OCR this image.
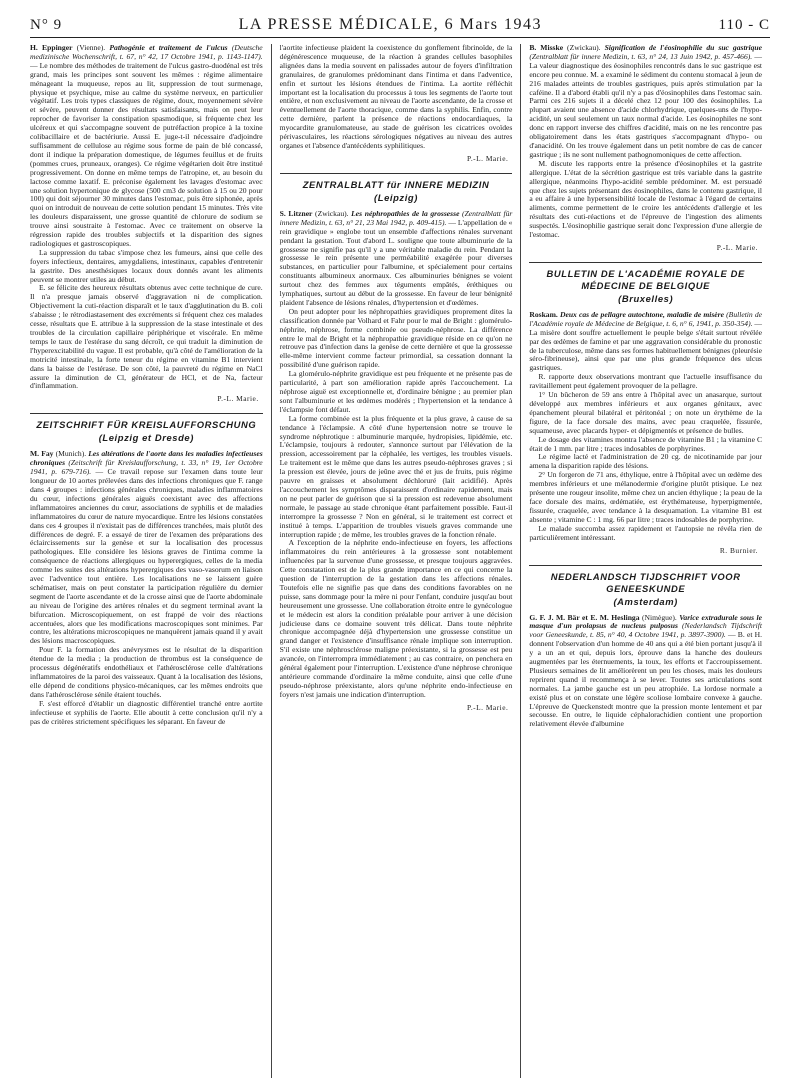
N° 9	LA PRESSE MÉDICALE, 6 Mars 1943	110 - C

H. Eppinger (Vienne). Pathogénie et traitement de l'ulcus (Deutsche medizinische Wochenschrift, t. 67, n° 42, 17 Octobre 1941, p. 1143-1147). — Le nombre des méthodes de traitement de l'ulcus gastro-duodénal est très grand, mais les principes sont souvent les mêmes : régime alimentaire ménageant la muqueuse, repos au lit, suppression de tout surmenage, physique et psychique, mise au calme du système nerveux, en particulier végétatif. Les trois types classiques de régime, doux, moyennement sévère et sévère, peuvent donner des résultats satisfaisants, mais on peut leur reprocher de favoriser la constipation spasmodique, si fréquente chez les ulcéreux et qui s'accompagne souvent de putréfaction propice à la toxine colibacillaire et de bactériurie. Aussi E. juge-t-il nécessaire d'adjoindre suffisamment de cellulose au régime sous forme de pain de blé concassé, dont il indique la préparation domestique, de légumes feuillus et de fruits (pommes crues, pruneaux, oranges). Ce régime végétarien doit être institué progressivement. On donne en même temps de l'atropine, et, au besoin du lactose comme laxatif. E. préconise également les lavages d'estomac avec une solution hypertonique de glycose (500 cm3 de solution à 15 ou 20 pour 100) qui doit séjourner 30 minutes dans l'estomac, puis être siphonée, après quoi on introduit de nouveau de cette solution pendant 15 minutes. Très vite les douleurs disparaissent, une grosse quantité de chlorure de sodium se trouve ainsi soustraite à l'estomac. Avec ce traitement on observe la régression rapide des troubles subjectifs et la disparition des signes radiologiques et gastroscopiques.

La suppression du tabac s'impose chez les fumeurs, ainsi que celle des foyers infectieux, dentaires, amygdaliens, intestinaux, capables d'entretenir la gastrite. Des anesthésiques locaux doux donnés avant les aliments peuvent se montrer utiles au début.

E. se félicite des heureux résultats obtenus avec cette technique de cure. Il n'a presque jamais observé d'aggravation ni de complication. Objectivement la cuti-réaction disparaît et le taux d'agglutination du B. coli s'abaisse ; le rétrodiastasement des excréments si fréquent chez ces malades cesse, résultats que E. attribue à la suppression de la stase intestinale et des troubles de la circulation capillaire périphérique et viscérale. En même temps le taux de l'estérase du sang décroît, ce qui traduit la diminution de l'hyperexcitabilité du vague. Il est probable, qu'à côté de l'amélioration de la motricité intestinale, la forte teneur du régime en vitamine B1 intervient dans la baisse de l'estérase. De son côté, la pauvreté du régime en NaCl assure la diminution de Cl, générateur de HCl, et de Na, facteur d'inflammation.

P.-L. Marie.
ZEITSCHRIFT FÜR KREISLAUFFORSCHUNG
(Leipzig et Dresde)

M. Fay (Munich). Les altérations de l'aorte dans les maladies infectieuses chroniques (Zeitschrift für Kreislaufforschung, t. 33, n° 19, 1er Octobre 1941, p. 679-716). — Ce travail repose sur l'examen dans toute leur longueur de 10 aortes prélevées dans des infections chroniques que F. range dans 4 groupes : infections générales chroniques, maladies inflammatoires du cœur, infections générales aiguës coexistant avec des affections inflammatoires anciennes du cœur, associations de syphilis et de maladies inflammatoires du cœur de nature myocardique. Entre les lésions constatées dans ces 4 groupes il n'existait pas de différences tranchées, mais plutôt des différences de degré. F. a essayé de tirer de l'examen des préparations des éclaircissements sur la genèse et sur la localisation des processus pathologiques. Elle considère les lésions graves de l'intima comme la conséquence de réactions allergiques ou hyperergiques, celles de la media comme les suites des altérations hyperergiques des vaso-vasorum en liaison avec l'adventice tout entière. Les localisations ne se laissent guère schématiser, mais on peut constater la participation régulière du dernier segment de l'aorte ascendante et de la crosse ainsi que de l'aorte abdominale au niveau de l'origine des artères rénales et du segment terminal avant la bifurcation. Microscopiquement, on est frappé de voir des réactions accentuées, alors que les modifications macroscopiques sont minimes. Par contre, les altérations microscopiques ne manquèrent jamais quand il y avait des lésions macroscopiques.

Pour F. la formation des anévrysmes est le résultat de la disparition étendue de la media ; la production de thrombus est la conséquence de processus dégénératifs endothéliaux et l'athérosclérose celle d'altérations inflammatoires de la paroi des vaisseaux. Quant à la localisation des lésions, elle dépend de conditions physico-mécaniques, car les mêmes endroits que dans l'athérosclérose sénile étaient touchés.

F. s'est efforcé d'établir un diagnostic différentiel tranché entre aortite infectieuse et syphilis de l'aorte. Elle aboutit à cette conclusion qu'il n'y a pas de critères strictement spécifiques les séparant. En faveur de

l'aortite infectieuse plaident la coexistence du gonflement fibrinoïde, de la dégénérescence muqueuse, de la réaction à grandes cellules basophiles alignées dans la media souvent en palissades autour de foyers d'infiltration granulaires, de granulomes prédominant dans l'intima et dans l'adventice, enfin et surtout les lésions étendues de l'intima. La aortite réfléchit important est la localisation du processus à tous les segments de l'aorte tout entière, et non exclusivement au niveau de l'aorte ascendante, de la crosse et éventuellement de l'aorte thoracique, comme dans la syphilis. Enfin, contre cette dernière, parlent la présence de réactions endocardiaques, la myocardite granulomateuse, au stade de guérison les cicatrices ovoïdes périvasculaires, les réactions sérologiques négatives au niveau des autres organes et l'absence d'antécédents syphilitiques.

P.-L. Marie.
ZENTRALBLATT für INNERE MEDIZIN
(Leipzig)

S. Litzner (Zwickau). Les néphropathies de la grossesse (Zentralblatt für innere Medizin, t. 63, n° 21, 23 Mai 1942, p. 409-415). — L'appellation de « rein gravidique » englobe tout un ensemble d'affections rénales survenant pendant la gestation. Tout d'abord L. souligne que toute albuminurie de la grossesse ne signifie pas qu'il y a une véritable maladie du rein. Pendant la grossesse le rein présente une perméabilité exagérée pour diverses substances, en particulier pour l'albumine, et spécialement pour certains constituants albumineux anormaux. Ces albuminuries bénignes se voient surtout chez des femmes aux téguments empâtés, éréthiques ou lymphatiques, surtout au début de la grossesse. En faveur de leur bénignité plaident l'absence de lésions rénales, d'hypertension et d'œdèmes.

On peut adopter pour les néphropathies gravidiques proprement dites la classification donnée par Volhard et Fahr pour le mal de Bright : glomérulo-néphrite, néphrose, forme combinée ou pseudo-néphrose. La différence entre le mal de Bright et la néphropathie gravidique réside en ce qu'on ne retrouve pas d'infection dans la genèse de cette dernière et que la grossesse elle-même intervient comme facteur primordial, sa cessation donnant la possibilité d'une guérison rapide.

La glomérulo-néphrite gravidique est peu fréquente et ne présente pas de particularité, à part son amélioration rapide après l'accouchement. La néphrose aiguë est exceptionnelle et, d'ordinaire bénigne ; au premier plan sont l'albuminurie et les œdèmes modérés ; l'hypertension et la tendance à l'éclampsie font défaut.

La forme combinée est la plus fréquente et la plus grave, à cause de sa tendance à l'éclampsie. A côté d'une hypertension notre se trouve le syndrome néphrotique : albuminurie marquée, hydropisies, lipidémie, etc. L'éclampsie, toujours à redouter, s'annonce surtout par l'élévation de la pression, accessoirement par la céphalée, les vertiges, les troubles visuels. Le traitement est le même que dans les autres pseudo-néphroses graves ; si la pression est élevée, jours de jeûne avec thé et jus de fruits, puis régime pauvre en graisses et absolument déchloruré (lait acidifié). Après l'accouchement les symptômes disparaissent d'ordinaire rapidement, mais on ne peut parler de guérison que si la pression est redevenue absolument normale, le passage au stade chronique étant parfaitement possible. Faut-il interrompre la grossesse ? Non en général, si le traitement est correct et institué à temps. L'apparition de troubles visuels graves commande une interruption rapide ; de même, les troubles graves de la fonction rénale.

A l'exception de la néphrite endo-infectieuse en foyers, les affections inflammatoires du rein antérieures à la grossesse sont notablement influencées par la survenue d'une grossesse, et presque toujours aggravées. Cette constatation est de la plus grande importance en ce qui concerne la question de l'interruption de la gestation dans les affections rénales. Toutefois elle ne signifie pas que dans des conditions favorables on ne puisse, sans dommage pour la mère ni pour l'enfant, conduire jusqu'au bout heureusement une grossesse. Une collaboration étroite entre le gynécologue et le médecin est alors la condition préalable pour arriver à une décision judicieuse dans ce domaine souvent très délicat. Dans toute néphrite chronique accompagnée déjà d'hypertension une grossesse constitue un grand danger et l'existence d'insuffisance rénale implique son interruption. S'il existe une néphrosclérose maligne préexistante, si la grossesse est peu avancée, on l'interrompra immédiatement ; au cas contraire, on penchera en général également pour l'interruption. L'existence d'une néphrose chronique antérieure commande d'ordinaire la même conduite, ainsi que celle d'une pseudo-néphrose préexistante, alors qu'une néphrite endo-infectieuse en foyers n'est jamais une indication d'interruption.

P.-L. Marie.

B. Misske (Zwickau). Signification de l'éosinophilie du suc gastrique (Zentralblatt für innere Medizin, t. 63, n° 24, 13 Juin 1942, p. 457-466). — La valeur diagnostique des éosinophiles rencontrés dans le suc gastrique est encore peu connue. M. a examiné le sédiment du contenu stomacal à jeun de 216 malades atteints de troubles gastriques, puis après stimulation par la caféine. Il a d'abord établi qu'il n'y a pas d'éosinophiles dans l'estomac sain. Parmi ces 216 sujets il a décelé chez 12 pour 100 des éosinophiles. La plupart avaient une absence d'acide chlorhydrique, quelques-uns de l'hypo-acidité, un seul seulement un taux normal d'acide. Les éosinophiles ne sont donc en rapport inverse des chiffres d'acidité, mais on ne les rencontre pas obligatoirement dans les états gastriques s'accompagnant d'hypo- ou d'anacidité. On les trouve également dans un petit nombre de cas de cancer gastrique ; ils ne sont nullement pathognomoniques de cette affection.

M. discute les rapports entre la présence d'éosinophiles et la gastrite allergique. L'état de la sécrétion gastrique est très variable dans la gastrite allergique, néanmoins l'hypo-acidité semble prédominer. M. est persuadé que chez les sujets présentant des éosinophiles, dans le contenu gastrique, il a eu affaire à une hypersensibilité locale de l'estomac à l'égard de certains aliments, comme permettent de le croire les antécédents d'allergie et les résultats des cuti-réactions et de l'épreuve de l'ingestion des aliments suspectés. L'éosinophilie gastrique serait donc l'expression d'une allergie de l'estomac.

P.-L. Marie.
BULLETIN DE L'ACADÉMIE ROYALE DE MÉDECINE DE BELGIQUE
(Bruxelles)

Roskam. Deux cas de pellagre autochtone, maladie de misère (Bulletin de l'Académie royale de Médecine de Belgique, t. 6, n° 6, 1941, p. 350-354). — La misère dont souffre actuellement le peuple belge s'était surtout révélée par des œdèmes de famine et par une aggravation considérable du pronostic de la tuberculose, même dans ses formes habituellement bénignes (pleurésie séro-fibrineuse), ainsi que par une plus grande fréquence des ulcus gastriques.

R. rapporte deux observations montrant que l'actuelle insuffisance du ravitaillement peut également provoquer de la pellagre.

1° Un bûcheron de 59 ans entre à l'hôpital avec un anasarque, surtout développé aux membres inférieurs et aux organes génitaux, avec épanchement pleural bilatéral et péritonéal ; on note un érythème de la figure, de la face dorsale des mains, avec peau craquelée, fissurée, squameuse, avec placards hyper- et dépigmentés et présence de bulles.

Le dosage des vitamines montra l'absence de vitamine B1 ; la vitamine C était de 1 mm. par litre ; traces indosables de porphyrines.

Le régime lacté et l'administration de 20 cg. de nicotinamide par jour amena la disparition rapide des lésions.

2° Un forgeron de 71 ans, éthylique, entre à l'hôpital avec un œdème des membres inférieurs et une mélanodermie d'origine plutôt ptisique. Le nez présente une rougeur insolite, même chez un ancien éthylique ; la peau de la face dorsale des mains, œdématiée, est érythémateuse, hyperpigmentée, fissurée, craquelée, avec tendance à la desquamation. La vitamine B1 est absente ; vitamine C : 1 mg. 66 par litre ; traces indosables de porphyrine.

Le malade succomba assez rapidement et l'autopsie ne révéla rien de particulièrement intéressant.

R. Burnier.
NEDERLANDSCH TIJDSCHRIFT VOOR GENEESKUNDE
(Amsterdam)

G. F. J. M. Bär et E. M. Heslinga (Nimègue). Varice extradurale sous le masque d'un prolapsus de nucleus pulposus (Nederlandsch Tijdschrift voor Geneeskunde, t. 85, n° 40, 4 Octobre 1941, p. 3897-3900). — B. et H. donnent l'observation d'un homme de 40 ans qui a été bien portant jusqu'à il y a un an et qui, depuis lors, éprouve dans la hanche des douleurs augmentées par les éternuements, la toux, les efforts et l'accroupissement. Plusieurs semaines de lit améliorèrent un peu les choses, mais les douleurs reprirent quand il recommença à se lever. Toutes ses articulations sont normales. La jambe gauche est un peu atrophiée. La lordose normale a existé plus et on constate une légère scoliose lombaire convexe à gauche. L'épreuve de Queckenstedt montre que la pression monte lentement et par secousse. En outre, le liquide céphalorachidien contient une proportion relativement élevée d'albumine
